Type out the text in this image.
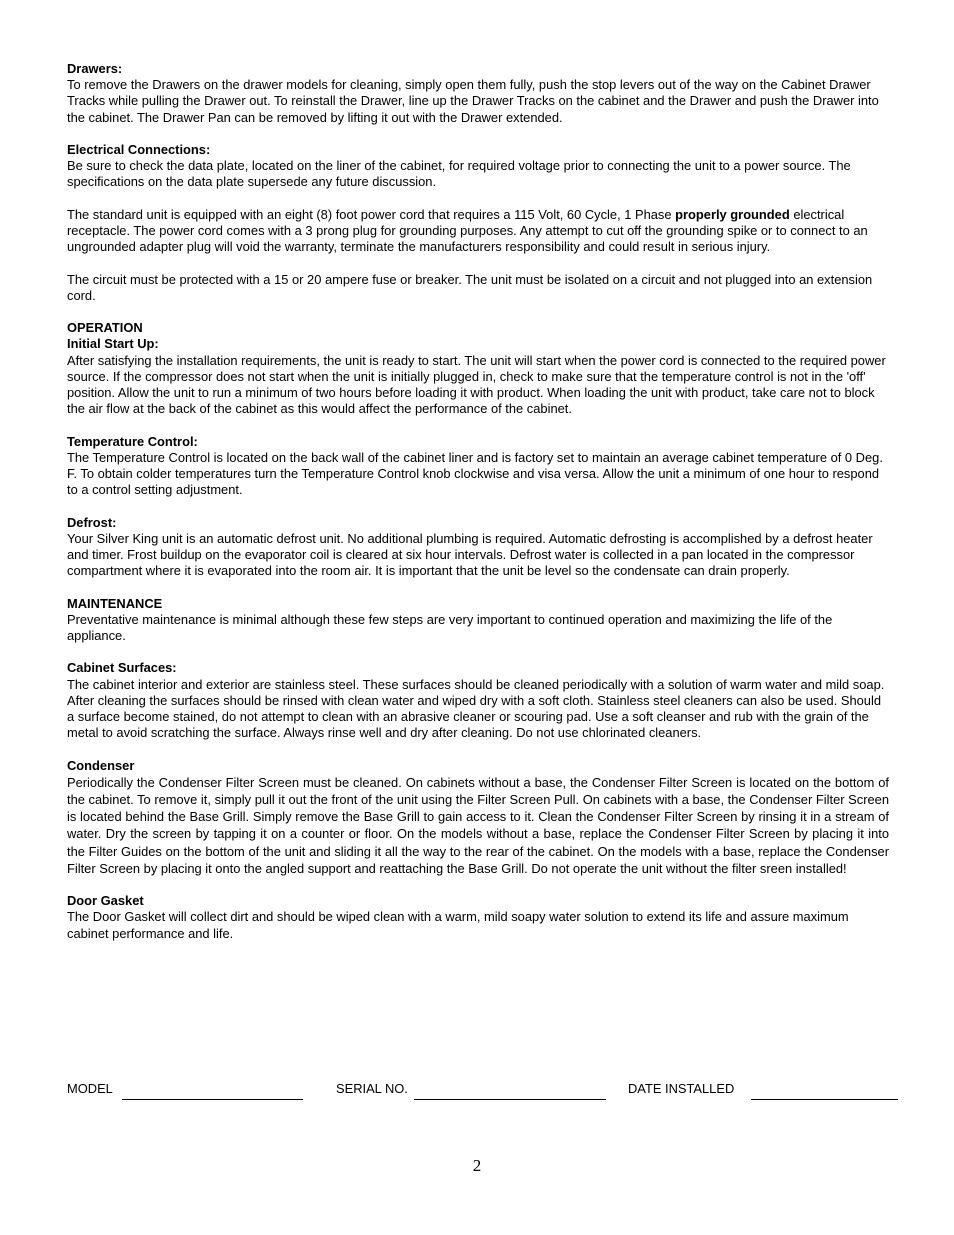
Drawers:

To remove the Drawers on the drawer models for cleaning, simply open them fully, push the stop levers out of the way on the Cabinet Drawer Tracks while pulling the Drawer out. To reinstall the Drawer, line up the Drawer Tracks on the cabinet and the Drawer and push the Drawer into the cabinet. The Drawer Pan can be removed by lifting it out with the Drawer extended.

Electrical Connections:

Be sure to check the data plate, located on the liner of the cabinet, for required voltage prior to connecting the unit to a power source. The specifications on the data plate supersede any future discussion.

The standard unit is equipped with an eight (8) foot power cord that requires a 115 Volt, 60 Cycle, 1 Phase properly grounded electrical receptacle. The power cord comes with a 3 prong plug for grounding purposes. Any attempt to cut off the grounding spike or to connect to an ungrounded adapter plug will void the warranty, terminate the manufacturers responsibility and could result in serious injury.

The circuit must be protected with a 15 or 20 ampere fuse or breaker. The unit must be isolated on a circuit and not plugged into an extension cord.

OPERATION

Initial Start Up:

After satisfying the installation requirements, the unit is ready to start. The unit will start when the power cord is connected to the required power source. If the compressor does not start when the unit is initially plugged in, check to make sure that the temperature control is not in the 'off' position. Allow the unit to run a minimum of two hours before loading it with product. When loading the unit with product, take care not to block the air flow at the back of the cabinet as this would affect the performance of the cabinet.

Temperature Control:

The Temperature Control is located on the back wall of the cabinet liner and is factory set to maintain an average cabinet temperature of 0 Deg. F. To obtain colder temperatures turn the Temperature Control knob clockwise and visa versa. Allow the unit a minimum of one hour to respond to a control setting adjustment.

Defrost:

Your Silver King unit is an automatic defrost unit. No additional plumbing is required. Automatic defrosting is accomplished by a defrost heater and timer. Frost buildup on the evaporator coil is cleared at six hour intervals. Defrost water is collected in a pan located in the compressor compartment where it is evaporated into the room air. It is important that the unit be level so the condensate can drain properly.

MAINTENANCE

Preventative maintenance is minimal although these few steps are very important to continued operation and maximizing the life of the appliance.

Cabinet Surfaces:

The cabinet interior and exterior are stainless steel. These surfaces should be cleaned periodically with a solution of warm water and mild soap. After cleaning the surfaces should be rinsed with clean water and wiped dry with a soft cloth. Stainless steel cleaners can also be used. Should a surface become stained, do not attempt to clean with an abrasive cleaner or scouring pad. Use a soft cleanser and rub with the grain of the metal to avoid scratching the surface. Always rinse well and dry after cleaning. Do not use chlorinated cleaners.

Condenser

Periodically the Condenser Filter Screen must be cleaned. On cabinets without a base, the Condenser Filter Screen is located on the bottom of the cabinet. To remove it, simply pull it out the front of the unit using the Filter Screen Pull. On cabinets with a base, the Condenser Filter Screen is located behind the Base Grill. Simply remove the Base Grill to gain access to it. Clean the Condenser Filter Screen by rinsing it in a stream of water. Dry the screen by tapping it on a counter or floor. On the models without a base, replace the Condenser Filter Screen by placing it into the Filter Guides on the bottom of the unit and sliding it all the way to the rear of the cabinet. On the models with a base, replace the Condenser Filter Screen by placing it onto the angled support and reattaching the Base Grill. Do not operate the unit without the filter sreen installed!

Door Gasket

The Door Gasket will collect dirt and should be wiped clean with a warm, mild soapy water solution to extend its life and assure maximum cabinet performance and life.

MODEL	SERIAL NO.	DATE INSTALLED
2
